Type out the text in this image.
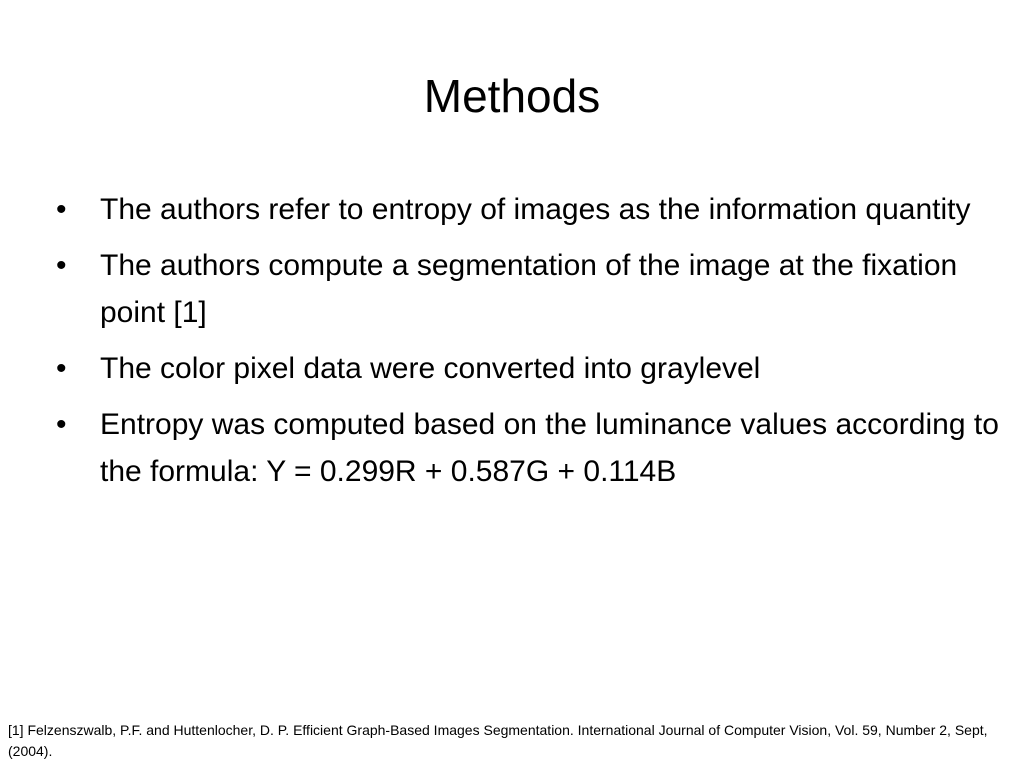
Methods
• The authors refer to entropy of images as the information quantity
• The authors compute a segmentation of the image at the fixation point [1]
• The color pixel data were converted into graylevel
• Entropy was computed based on the luminance values according to the formula: Y = 0.299R + 0.587G + 0.114B

[1] Felzenszwalb, P.F. and Huttenlocher, D. P. Efficient Graph-Based Images Segmentation. International Journal of Computer Vision, Vol. 59, Number 2, Sept, (2004).
